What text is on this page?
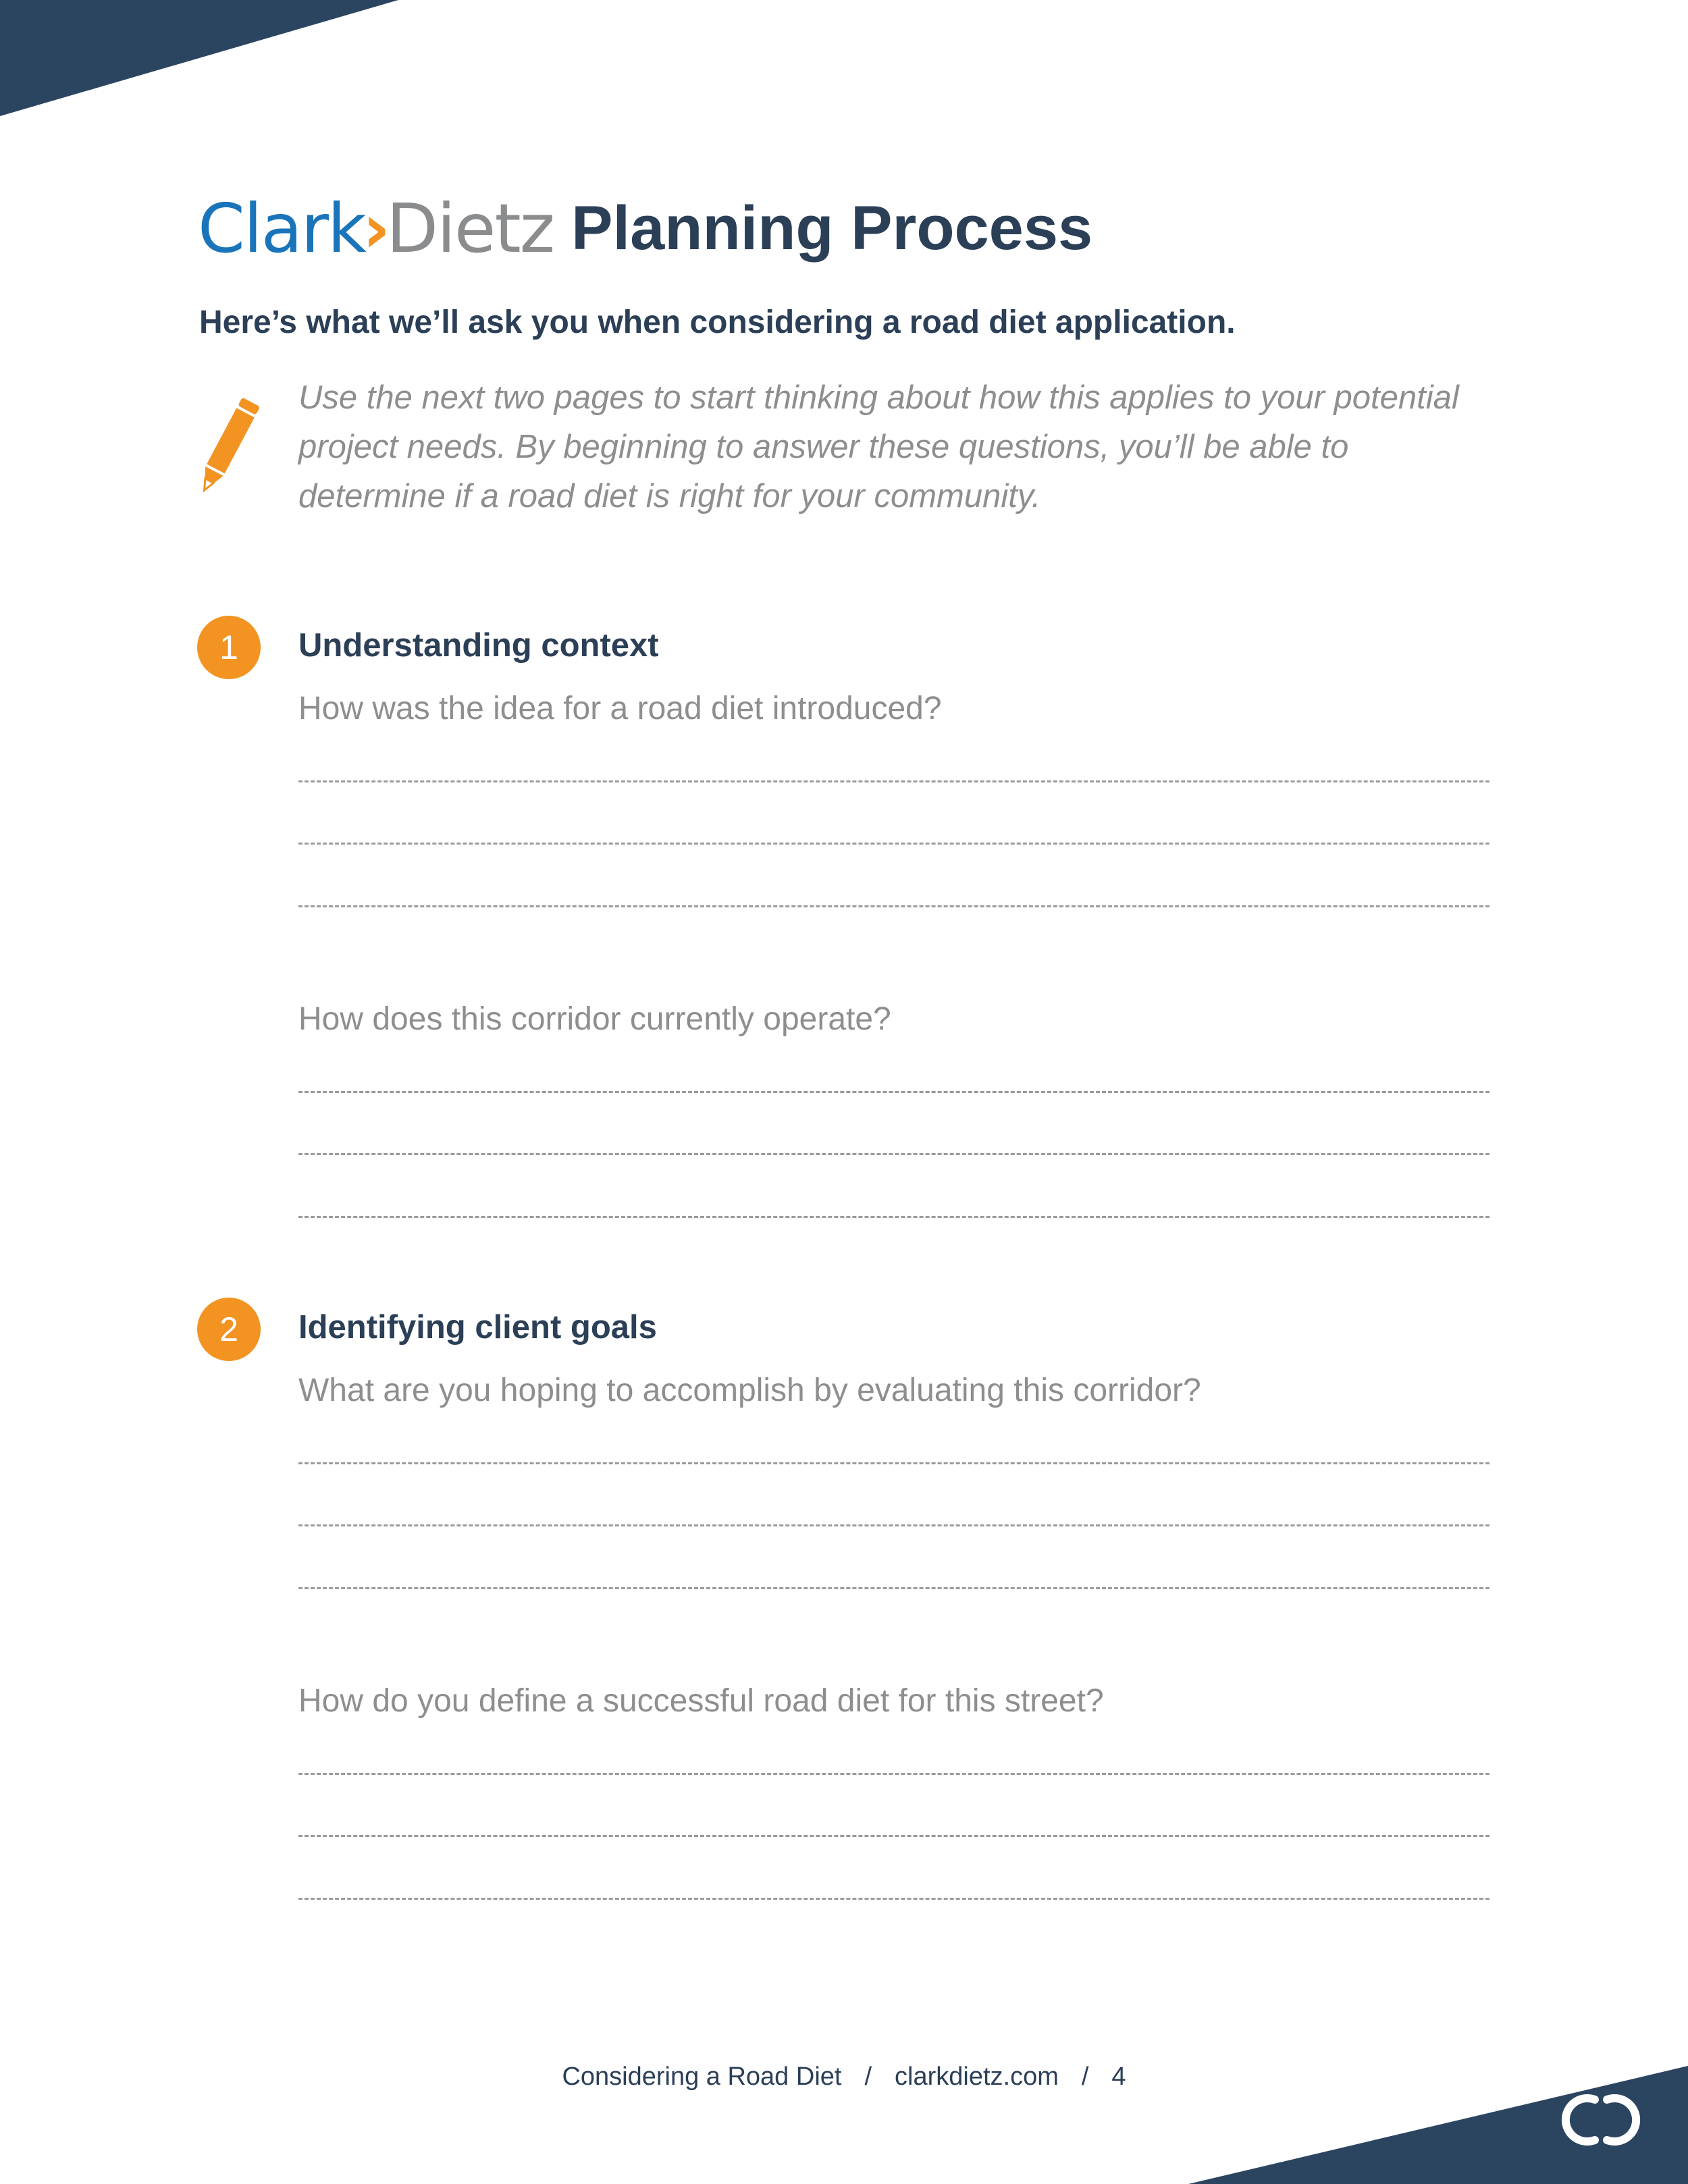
Clark
›
Dietz Planning Process
Here’s what we’ll ask you when considering a road diet application.
Use the next two pages to start thinking about how this applies to your potential project needs. By beginning to answer these questions, you’ll be able to determine if a road diet is right for your community.
1	Understanding context
How was the idea for a road diet introduced?
How does this corridor currently operate?
2	Identifying client goals
What are you hoping to accomplish by evaluating this corridor?
How do you define a successful road diet for this street?
Considering a Road Diet / clarkdietz.com / 4
